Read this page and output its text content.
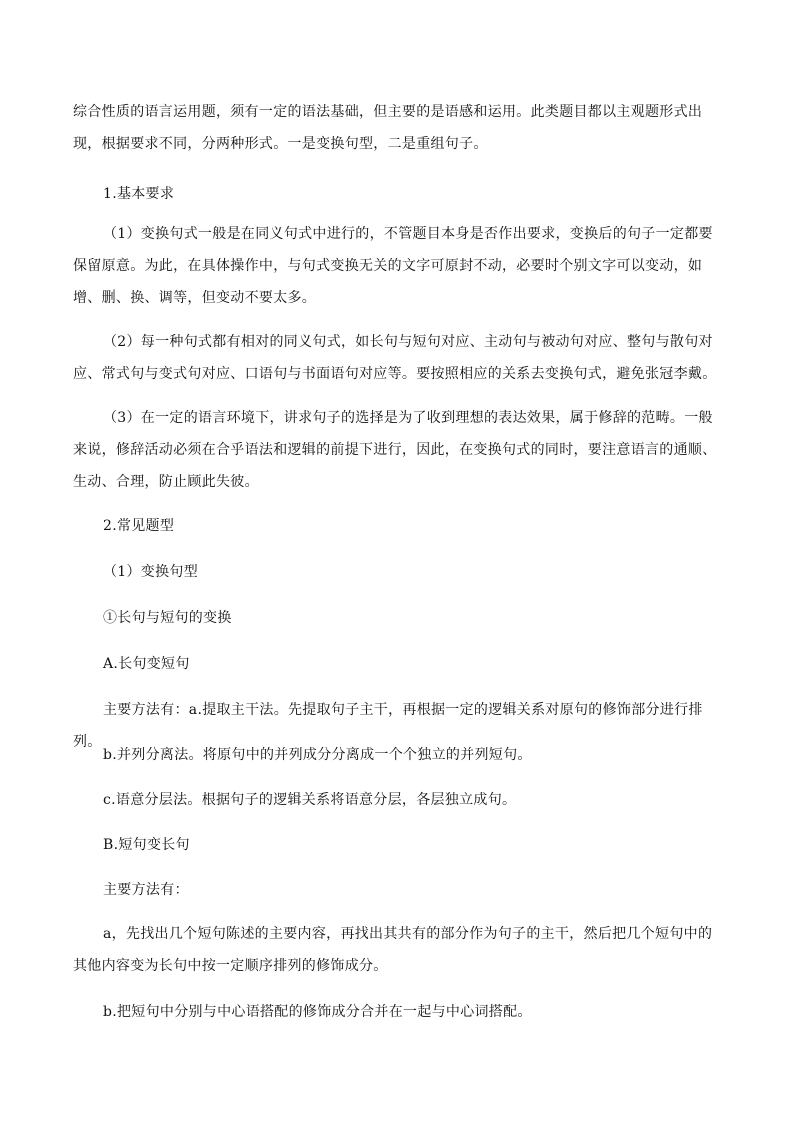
综合性质的语言运用题，须有一定的语法基础，但主要的是语感和运用。此类题目都以主观题形式出现，根据要求不同，分两种形式。一是变换句型，二是重组句子。

1.基本要求

（1）变换句式一般是在同义句式中进行的，不管题目本身是否作出要求，变换后的句子一定都要保留原意。为此，在具体操作中，与句式变换无关的文字可原封不动，必要时个别文字可以变动，如增、删、换、调等，但变动不要太多。

（2）每一种句式都有相对的同义句式，如长句与短句对应、主动句与被动句对应、整句与散句对应、常式句与变式句对应、口语句与书面语句对应等。要按照相应的关系去变换句式，避免张冠李戴。

（3）在一定的语言环境下，讲求句子的选择是为了收到理想的表达效果，属于修辞的范畴。一般来说，修辞活动必须在合乎语法和逻辑的前提下进行，因此，在变换句式的同时，要注意语言的通顺、生动、合理，防止顾此失彼。

2.常见题型

（1）变换句型

①长句与短句的变换

A.长句变短句

主要方法有：a.提取主干法。先提取句子主干，再根据一定的逻辑关系对原句的修饰部分进行排列。

b.并列分离法。将原句中的并列成分分离成一个个独立的并列短句。

c.语意分层法。根据句子的逻辑关系将语意分层，各层独立成句。

B.短句变长句

主要方法有：

a，先找出几个短句陈述的主要内容，再找出其共有的部分作为句子的主干，然后把几个短句中的其他内容变为长句中按一定顺序排列的修饰成分。

b.把短句中分别与中心语搭配的修饰成分合并在一起与中心词搭配。
